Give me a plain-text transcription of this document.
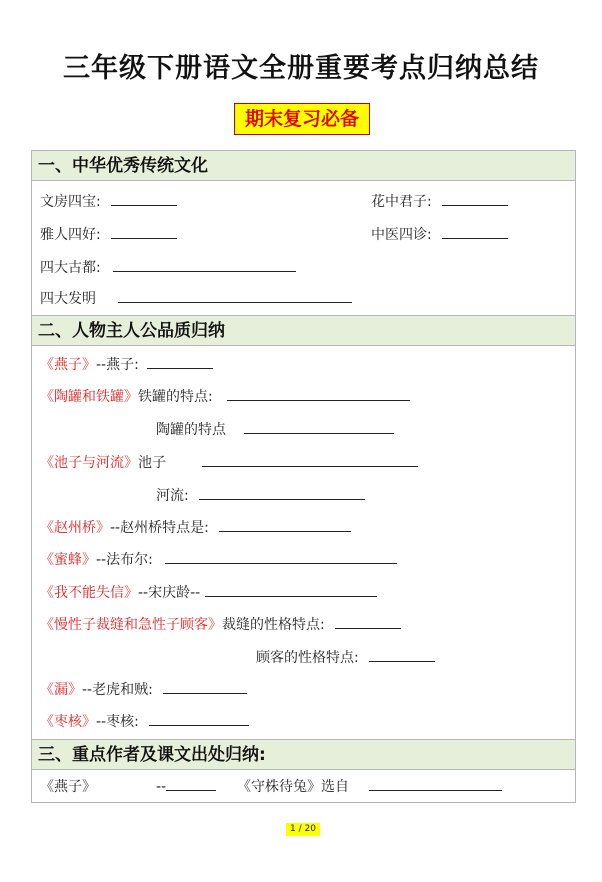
三年级下册语文全册重要考点归纳总结
期末复习必备
一、中华优秀传统文化
文房四宝:	花中君子:
雅人四好:	中医四诊:
四大古都:
四大发明
二、人物主人公品质归纳
《燕子》--燕子:
《陶罐和铁罐》铁罐的特点:
陶罐的特点
《池子与河流》池子
河流:
《赵州桥》--赵州桥特点是:
《蜜蜂》--法布尔:
《我不能失信》--宋庆龄--
《慢性子裁缝和急性子顾客》裁缝的性格特点:
顾客的性格特点:
《漏》--老虎和贼:
《枣核》--枣核:
三、重点作者及课文出处归纳:
《燕子》	--	《守株待兔》选自
1 / 20
